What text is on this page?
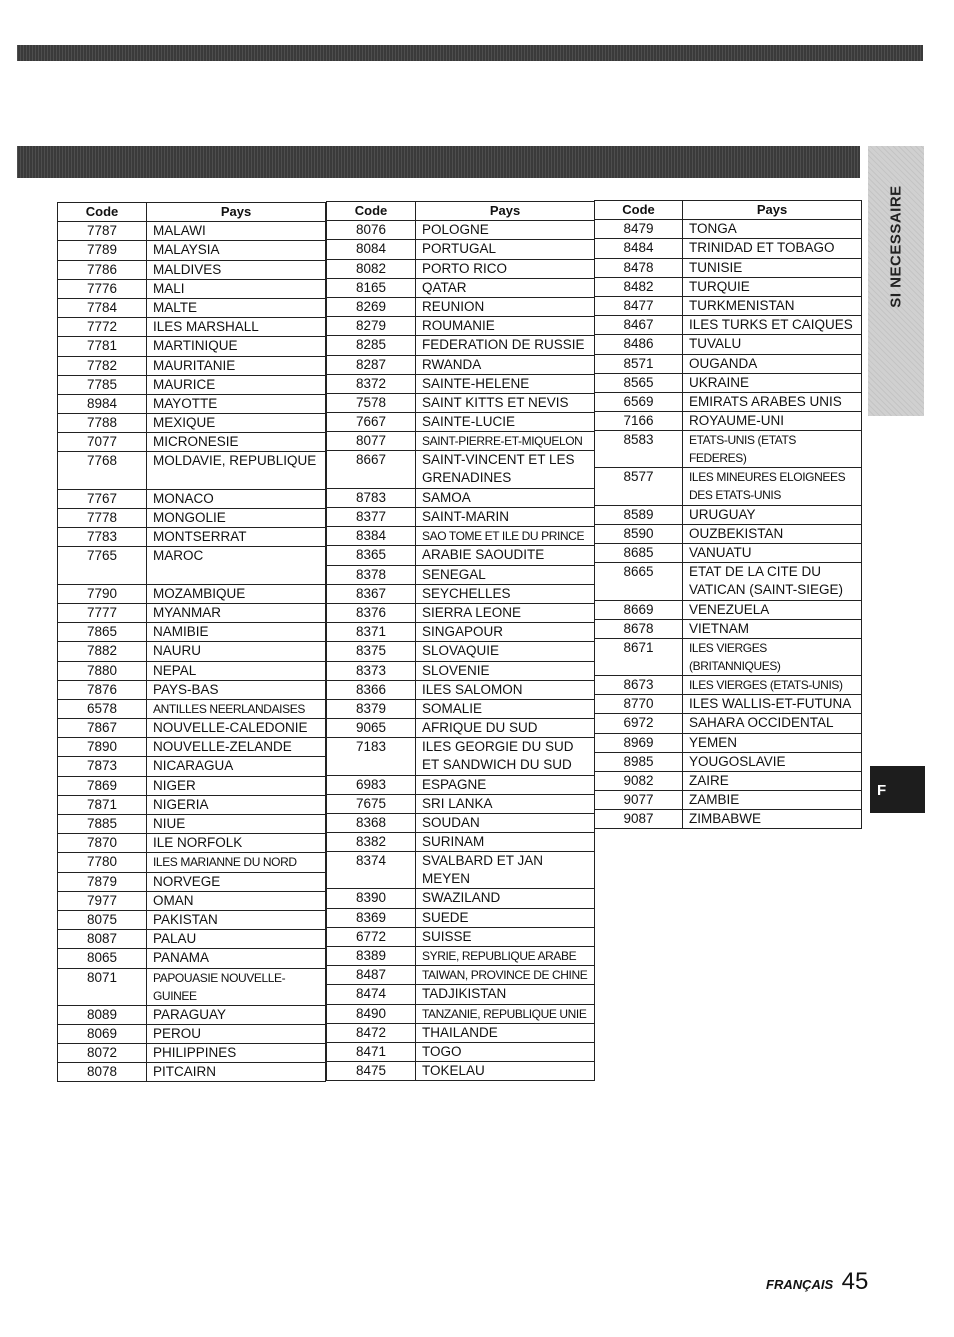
SI NECESSAIRE
F
Code	Pays
7787	MALAWI
7789	MALAYSIA
7786	MALDIVES
7776	MALI
7784	MALTE
7772	ILES MARSHALL
7781	MARTINIQUE
7782	MAURITANIE
7785	MAURICE
8984	MAYOTTE
7788	MEXIQUE
7077	MICRONESIE
7768	MOLDAVIE, REPUBLIQUE
7767	MONACO
7778	MONGOLIE
7783	MONTSERRAT
7765	MAROC
7790	MOZAMBIQUE
7777	MYANMAR
7865	NAMIBIE
7882	NAURU
7880	NEPAL
7876	PAYS-BAS
6578	ANTILLES NEERLANDAISES
7867	NOUVELLE-CALEDONIE
7890	NOUVELLE-ZELANDE
7873	NICARAGUA
7869	NIGER
7871	NIGERIA
7885	NIUE
7870	ILE NORFOLK
7780	ILES MARIANNE DU NORD
7879	NORVEGE
7977	OMAN
8075	PAKISTAN
8087	PALAU
8065	PANAMA
8071	PAPOUASIE NOUVELLE-GUINEE
8089	PARAGUAY
8069	PEROU
8072	PHILIPPINES
8078	PITCAIRN
Code	Pays
8076	POLOGNE
8084	PORTUGAL
8082	PORTO RICO
8165	QATAR
8269	REUNION
8279	ROUMANIE
8285	FEDERATION DE RUSSIE
8287	RWANDA
8372	SAINTE-HELENE
7578	SAINT KITTS ET NEVIS
7667	SAINTE-LUCIE
8077	SAINT-PIERRE-ET-MIQUELON
8667	SAINT-VINCENT ET LES GRENADINES
8783	SAMOA
8377	SAINT-MARIN
8384	SAO TOME ET ILE DU PRINCE
8365	ARABIE SAOUDITE
8378	SENEGAL
8367	SEYCHELLES
8376	SIERRA LEONE
8371	SINGAPOUR
8375	SLOVAQUIE
8373	SLOVENIE
8366	ILES SALOMON
8379	SOMALIE
9065	AFRIQUE DU SUD
7183	ILES GEORGIE DU SUD ET SANDWICH DU SUD
6983	ESPAGNE
7675	SRI LANKA
8368	SOUDAN
8382	SURINAM
8374	SVALBARD ET JAN MEYEN
8390	SWAZILAND
8369	SUEDE
6772	SUISSE
8389	SYRIE, REPUBLIQUE ARABE
8487	TAIWAN, PROVINCE DE CHINE
8474	TADJIKISTAN
8490	TANZANIE, REPUBLIQUE UNIE
8472	THAILANDE
8471	TOGO
8475	TOKELAU
Code	Pays
8479	TONGA
8484	TRINIDAD ET TOBAGO
8478	TUNISIE
8482	TURQUIE
8477	TURKMENISTAN
8467	ILES TURKS ET CAIQUES
8486	TUVALU
8571	OUGANDA
8565	UKRAINE
6569	EMIRATS ARABES UNIS
7166	ROYAUME-UNI
8583	ETATS-UNIS (ETATS FEDERES)
8577	ILES MINEURES ELOIGNEES DES ETATS-UNIS
8589	URUGUAY
8590	OUZBEKISTAN
8685	VANUATU
8665	ETAT DE LA CITE DU VATICAN (SAINT-SIEGE)
8669	VENEZUELA
8678	VIETNAM
8671	ILES VIERGES (BRITANNIQUES)
8673	ILES VIERGES (ETATS-UNIS)
8770	ILES WALLIS-ET-FUTUNA
6972	SAHARA OCCIDENTAL
8969	YEMEN
8985	YOUGOSLAVIE
9082	ZAIRE
9077	ZAMBIE
9087	ZIMBABWE
FRANÇAIS 45
